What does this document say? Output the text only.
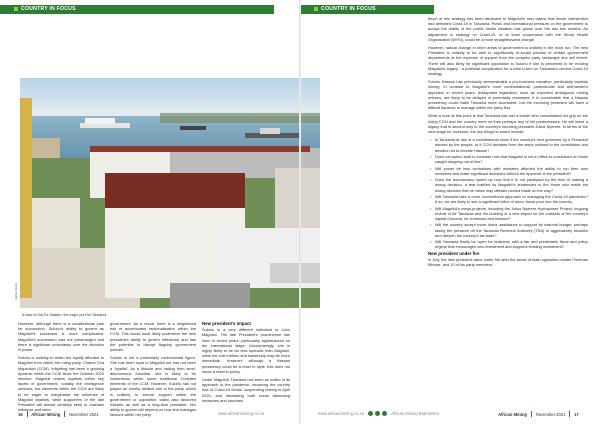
COUNTRY IN FOCUS	COUNTRY IN FOCUS
A view of Dar Es Salaam, the major port for Tanzania
Adobe Stock

However, although there is a constitutional plan for succession, Suluhu's ability to govern as Magufuli's successor is more complicated. Magufuli's succession was not prearranged and there is significant uncertainty over the direction in power.

Suluhu is unlikely to retain the loyalty afforded to Magufuli from within the ruling party, Chama Cha Mapinduzi (CCM). Infighting has been a growing dynamic within the CCM since the October 2020 election. Magufuli retains loyalists within key facets of government, notably the intelligence services, but elements within the CCM are likely to be eager to marginalise the influence of Magufuli loyalists, while supporters of the late President will almost certainly seek to maintain influence and steer

government. As a result, there is a heightened risk of accentuated factionalisation within the CCM. This would most likely undermine the new president's ability to govern effectively and has the potential to disrupt flagship government policies.

Suluhu is not a particularly controversial figure. She has been loyal to Magufuli but has not been a 'loyalist'. As a Muslim and hailing from semi-autonomous Zanzibar, she is likely to be contentious within some traditional Christian elements of the CCM. However, Suluhu has not played an overtly divisive role in the party, which is unlikely to secure support within the government or opposition, Idaho also favoured Kikwete as well as a long-time president. Her ability to govern will depend on how she manages factions within her party.

New president's impact

Suluhu is a very different individual to John Magufuli. The late President's prominence has risen in recent years, particularly appearances on the international stage. Unsurprisingly, she is highly likely to be far less sporadic than Magufuli, while her soft rhetoric and leadership may be more immediate. However, although a Hassan presidency could be a reset in style, this does not mean a reset in policy.

Under Magufuli, Tanzania has been an outlier in its approach to the pandemic, declaring the country free of Covid-19 denial, suspending testing in April 2020, and dismissing both social distancing measures and vaccines.

Much of this strategy has been attributed to Magufuli's own claims that divine intervention had defeated Covid-19 in Tanzania. Public and international pressure on the government to accept the reality of the public health situation has grown over the last few months. An adjustment in strategy on Covid-19, or at least cooperation with the World Health Organisation (WHO), could be a more straightforward change.

However, radical change in other areas of government is unlikely in the short run. The new President is unlikely to be able to significantly re-sculpt policies of certain government departments at the expense of support from the complex party landscape she will inherit. There will also likely be significant opposition to Suluhu if she is perceived to be eroding Magufuli's legacy - a potential complication for a total U-turn on Tanzania's current Covid-19 strategy.

Suluhu Hassan has previously demonstrated a pro-business narrative, particularly towards mining. In contrast to Magufuli's more confrontational, protectionist and anti-western approach in recent years. Anticipated legislation, such as expected ambiguous mining reforms, are likely to be delayed or potentially revamped. It is conceivable that a Hassan presidency could make Tanzania more accessible, but the incoming president will have a difficult dynamic to manage within her party first.

What is sure at this point is that Tanzania has lost a leader who consolidated his grip on the ruling CCM and the country more so than perhaps any of his predecessors. He will leave a legacy that is second only to the country's founding president Julius Nyerere. In terms of the next stage for investors, the key things to watch include:

• Is Tanzania at risk of a constitutional crisis if the country's next governed by a President elected by the people, or if CCM deviates from the steps outlined in the constitution and decides not to elevate Hassan?
• Does corruption start to increase now that Magufuli is not in office to crackdown on those caught stepping out of line?
• Will power be less centralised with ministers afforded the ability to run their own ministries and make significant decisions without the approval of the president?
• Does the bureaucracy speed up now that it is not paralysed by the fear of making a wrong decision, a fear instilled by Magufuli's tendencies to fire those who made the wrong decision that he views may officials named made on the way?
• Will Tanzania take a more conventional approach to managing the Covid-19 pandemic? If so, we are likely to see a significant influx of donor funds pour into the country.
• Will Magufuli's mega-projects, including the Julius Nyerere Hydropower Project, ongoing revival of Air Tanzania and the building of a new airport on the outskirts of the country's capital Dodoma, be continued and finished?
• Will the country accept more donor assistance to support its national budget, perhaps taking the pressure off the Tanzania Revenue Authority (TRA) to aggressively broaden and deepen the country's tax base?
• Will Tanzania finally be 'open for business' with a fair and predictable fiscal and policy regime that encourages new investment and supports existing investment?
New president under fire

In July, the new president came under fire after the arrest of main opposition leader Freeman Mbowe, and 10 of his party members.

16 African Mining November 2021	www.africanmining.co.za	www.africanmining.co.za	African Mining Brainstorm	African Mining November 2021 17
